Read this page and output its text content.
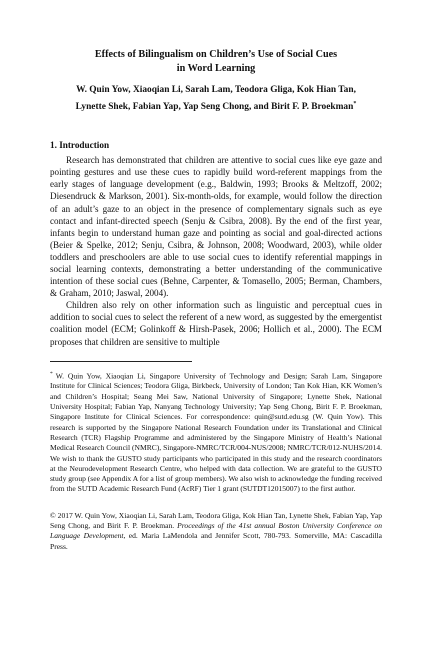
Effects of Bilingualism on Children’s Use of Social Cues
in Word Learning

W. Quin Yow, Xiaoqian Li, Sarah Lam, Teodora Gliga, Kok Hian Tan,
Lynette Shek, Fabian Yap, Yap Seng Chong, and Birit F. P. Broekman*

1. Introduction

Research has demonstrated that children are attentive to social cues like eye gaze and pointing gestures and use these cues to rapidly build word-referent mappings from the early stages of language development (e.g., Baldwin, 1993; Brooks & Meltzoff, 2002; Diesendruck & Markson, 2001). Six-month-olds, for example, would follow the direction of an adult’s gaze to an object in the presence of complementary signals such as eye contact and infant-directed speech (Senju & Csibra, 2008). By the end of the first year, infants begin to understand human gaze and pointing as social and goal-directed actions (Beier & Spelke, 2012; Senju, Csibra, & Johnson, 2008; Woodward, 2003), while older toddlers and preschoolers are able to use social cues to identify referential mappings in social learning contexts, demonstrating a better understanding of the communicative intention of these social cues (Behne, Carpenter, & Tomasello, 2005; Berman, Chambers, & Graham, 2010; Jaswal, 2004).

Children also rely on other information such as linguistic and perceptual cues in addition to social cues to select the referent of a new word, as suggested by the emergentist coalition model (ECM; Golinkoff & Hirsh-Pasek, 2006; Hollich et al., 2000). The ECM proposes that children are sensitive to multiple

* W. Quin Yow, Xiaoqian Li, Singapore University of Technology and Design; Sarah Lam, Singapore Institute for Clinical Sciences; Teodora Gliga, Birkbeck, University of London; Tan Kok Hian, KK Women’s and Children’s Hospital; Seang Mei Saw, National University of Singapore; Lynette Shek, National University Hospital; Fabian Yap, Nanyang Technology University; Yap Seng Chong, Birit F. P. Broekman, Singapore Institute for Clinical Sciences. For correspondence: quin@sutd.edu.sg (W. Quin Yow). This research is supported by the Singapore National Research Foundation under its Translational and Clinical Research (TCR) Flagship Programme and administered by the Singapore Ministry of Health’s National Medical Research Council (NMRC), Singapore-NMRC/TCR/004-NUS/2008; NMRC/TCR/012-NUHS/2014. We wish to thank the GUSTO study participants who participated in this study and the research coordinators at the Neurodevelopment Research Centre, who helped with data collection. We are grateful to the GUSTO study group (see Appendix A for a list of group members). We also wish to acknowledge the funding received from the SUTD Academic Research Fund (AcRF) Tier 1 grant (SUTDT12015007) to the first author.

© 2017 W. Quin Yow, Xiaoqian Li, Sarah Lam, Teodora Gliga, Kok Hian Tan, Lynette Shek, Fabian Yap, Yap Seng Chong, and Birit F. P. Broekman. Proceedings of the 41st annual Boston University Conference on Language Development, ed. Maria LaMendola and Jennifer Scott, 780-793. Somerville, MA: Cascadilla Press.
